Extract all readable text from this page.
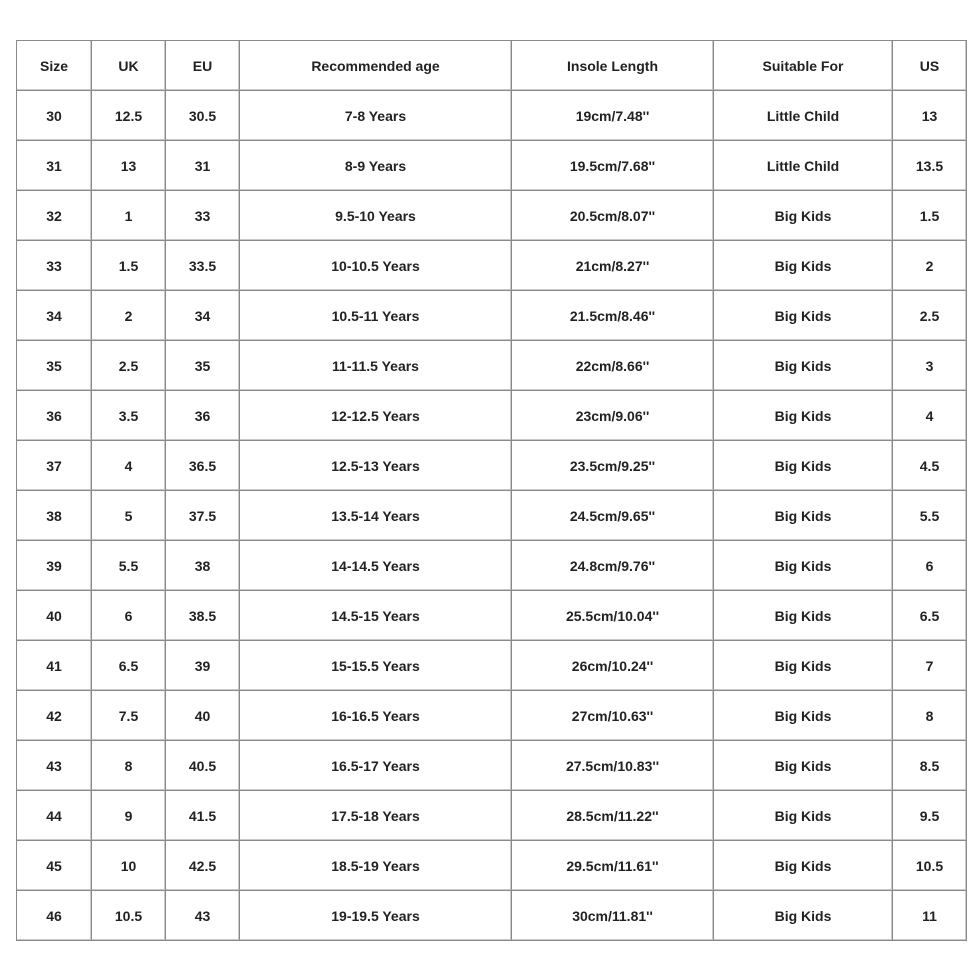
Size	UK	EU	Recommended age	Insole Length	Suitable For	US
30	12.5	30.5	7-8 Years	19cm/7.48''	Little Child	13
31	13	31	8-9 Years	19.5cm/7.68''	Little Child	13.5
32	1	33	9.5-10 Years	20.5cm/8.07''	Big Kids	1.5
33	1.5	33.5	10-10.5 Years	21cm/8.27''	Big Kids	2
34	2	34	10.5-11 Years	21.5cm/8.46''	Big Kids	2.5
35	2.5	35	11-11.5 Years	22cm/8.66''	Big Kids	3
36	3.5	36	12-12.5 Years	23cm/9.06''	Big Kids	4
37	4	36.5	12.5-13 Years	23.5cm/9.25''	Big Kids	4.5
38	5	37.5	13.5-14 Years	24.5cm/9.65''	Big Kids	5.5
39	5.5	38	14-14.5 Years	24.8cm/9.76''	Big Kids	6
40	6	38.5	14.5-15 Years	25.5cm/10.04''	Big Kids	6.5
41	6.5	39	15-15.5 Years	26cm/10.24''	Big Kids	7
42	7.5	40	16-16.5 Years	27cm/10.63''	Big Kids	8
43	8	40.5	16.5-17 Years	27.5cm/10.83''	Big Kids	8.5
44	9	41.5	17.5-18 Years	28.5cm/11.22''	Big Kids	9.5
45	10	42.5	18.5-19 Years	29.5cm/11.61''	Big Kids	10.5
46	10.5	43	19-19.5 Years	30cm/11.81''	Big Kids	11
